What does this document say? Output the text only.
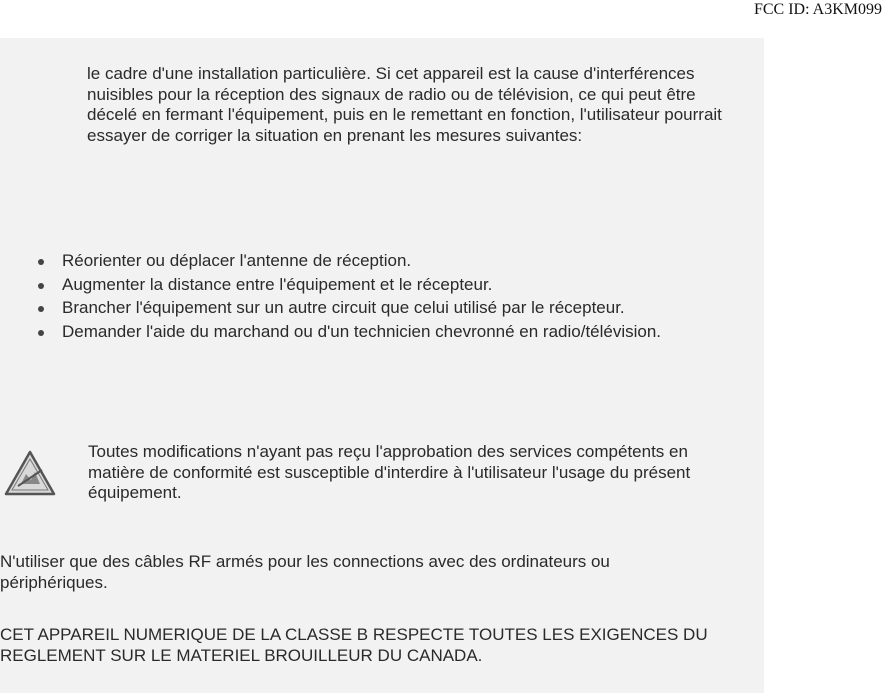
FCC ID: A3KM099

le cadre d'une installation particulière. Si cet appareil est la cause d'interférences nuisibles pour la réception des signaux de radio ou de télévision, ce qui peut être décelé en fermant l'équipement, puis en le remettant en fonction, l'utilisateur pourrait essayer de corriger la situation en prenant les mesures suivantes:

Réorienter ou déplacer l'antenne de réception.
Augmenter la distance entre l'équipement et le récepteur.
Brancher l'équipement sur un autre circuit que celui utilisé par le récepteur.
Demander l'aide du marchand ou d'un technicien chevronné en radio/télévision.

Toutes modifications n'ayant pas reçu l'approbation des services compétents en matière de conformité est susceptible d'interdire à l'utilisateur l'usage du présent équipement.

N'utiliser que des câbles RF armés pour les connections avec des ordinateurs ou périphériques.

CET APPAREIL NUMERIQUE DE LA CLASSE B RESPECTE TOUTES LES EXIGENCES DU REGLEMENT SUR LE MATERIEL BROUILLEUR DU CANADA.
